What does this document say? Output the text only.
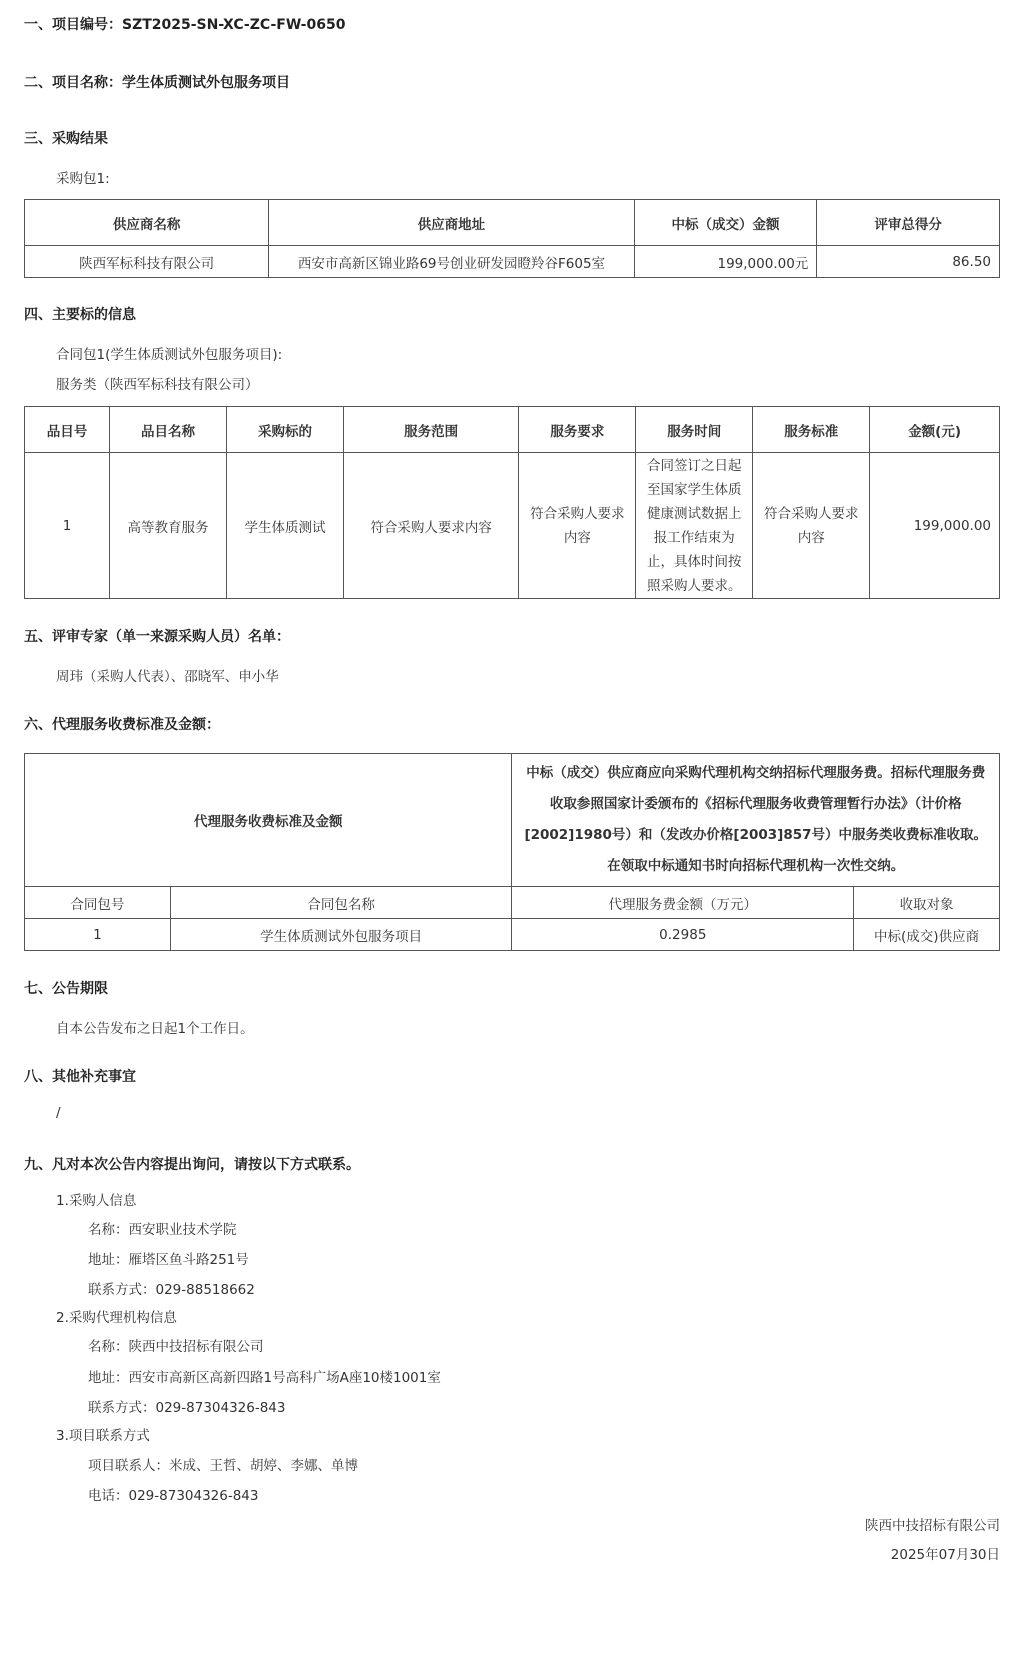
一、项目编号：SZT2025-SN-XC-ZC-FW-0650
二、项目名称：学生体质测试外包服务项目
三、采购结果
采购包1:
供应商名称	供应商地址	中标（成交）金额	评审总得分
陕西军标科技有限公司	西安市高新区锦业路69号创业研发园瞪羚谷F605室	199,000.00元	86.50
四、主要标的信息
合同包1(学生体质测试外包服务项目):
服务类（陕西军标科技有限公司）
品目号	品目名称	采购标的	服务范围	服务要求	服务时间	服务标准	金额(元)
1	高等教育服务	学生体质测试	符合采购人要求内容	符合采购人要求内容	合同签订之日起至国家学生体质健康测试数据上报工作结束为止，具体时间按照采购人要求。	符合采购人要求内容	199,000.00
五、评审专家（单一来源采购人员）名单：
周玮（采购人代表）、邵晓军、申小华
六、代理服务收费标准及金额：
代理服务收费标准及金额		中标（成交）供应商应向采购代理机构交纳招标代理服务费。招标代理服务费收取参照国家计委颁布的《招标代理服务收费管理暂行办法》（计价格[2002]1980号）和（发改办价格[2003]857号）中服务类收费标准收取。在领取中标通知书时向招标代理机构一次性交纳。	
合同包号	合同包名称	代理服务费金额（万元）	收取对象
1	学生体质测试外包服务项目	0.2985	中标(成交)供应商
七、公告期限
自本公告发布之日起1个工作日。
八、其他补充事宜
/
九、凡对本次公告内容提出询问，请按以下方式联系。
1.采购人信息
名称：西安职业技术学院
地址：雁塔区鱼斗路251号
联系方式：029-88518662
2.采购代理机构信息
名称：陕西中技招标有限公司
地址：西安市高新区高新四路1号高科广场A座10楼1001室
联系方式：029-87304326-843
3.项目联系方式
项目联系人：米成、王哲、胡婷、李娜、单博
电话：029-87304326-843
陕西中技招标有限公司
2025年07月30日
